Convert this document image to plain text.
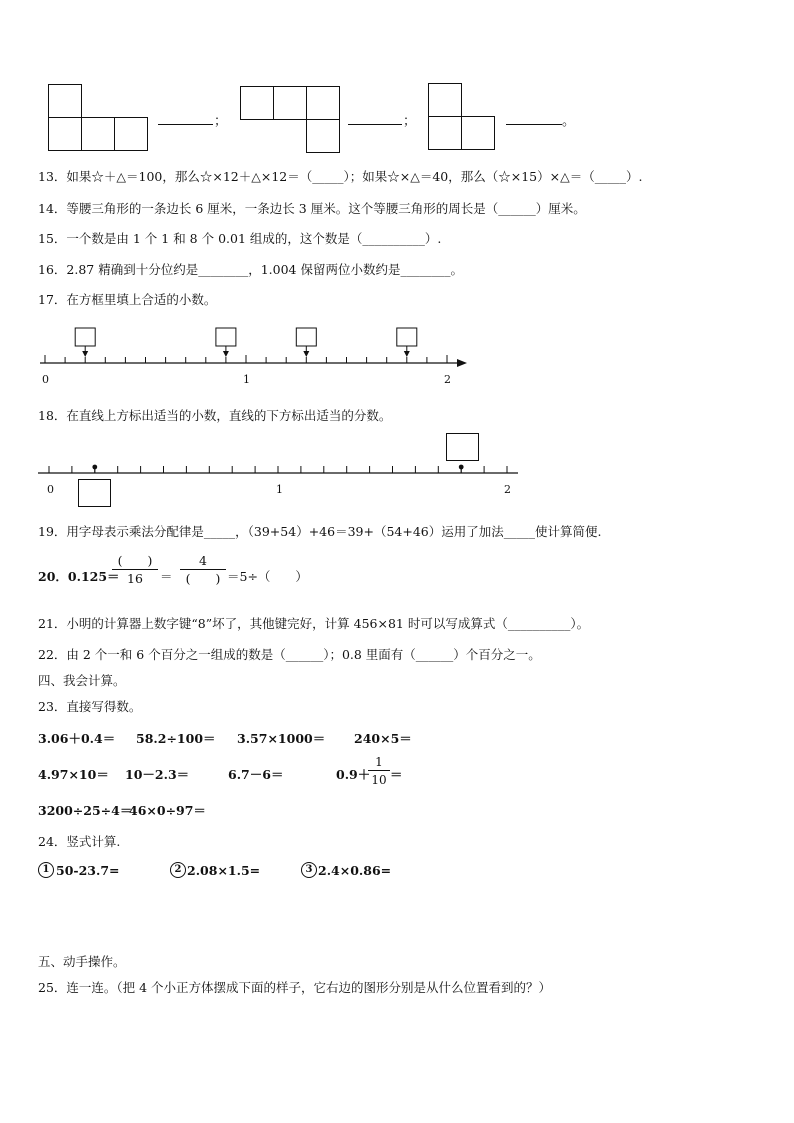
；	；	。
13．如果☆＋△＝100，那么☆×12＋△×12＝（_____）；如果☆×△＝40，那么（☆×15）×△＝（_____）.
14．等腰三角形的一条边长 6 厘米，一条边长 3 厘米。这个等腰三角形的周长是（______）厘米。
15．一个数是由 1 个 1 和 8 个 0.01 组成的，这个数是（__________）.
16．2.87 精确到十分位约是________，1.004 保留两位小数约是________。
17．在方框里填上合适的小数。
0	1	2
18．在直线上方标出适当的小数，直线的下方标出适当的分数。
0	1	2
19．用字母表示乘法分配律是_____，（39+54）+46＝39+（54+46）运用了加法_____使计算简便.
20．0.125＝
(　　)
16	＝
4
(　　) ＝5÷（　　）
21．小明的计算器上数字键“8”坏了，其他键完好，计算 456×81 时可以写成算式（__________）。
22．由 2 个一和 6 个百分之一组成的数是（______）；0.8 里面有（______）个百分之一。
四、我会计算。
23．直接写得数。
3.06＋0.4＝ 58.2÷100＝ 3.57×1000＝ 240×5＝
4.97×10＝ 10－2.3＝	6.7－6＝	0.9＋
$\frac{1}{10}$ ＝
3200÷25÷4＝
46×0÷97＝
24．竖式计算.
1 50-23.7=	2 2.08×1.5=	3 2.4×0.86=
五、动手操作。
25．连一连。（把 4 个小正方体摆成下面的样子，它右边的图形分别是从什么位置看到的？）
